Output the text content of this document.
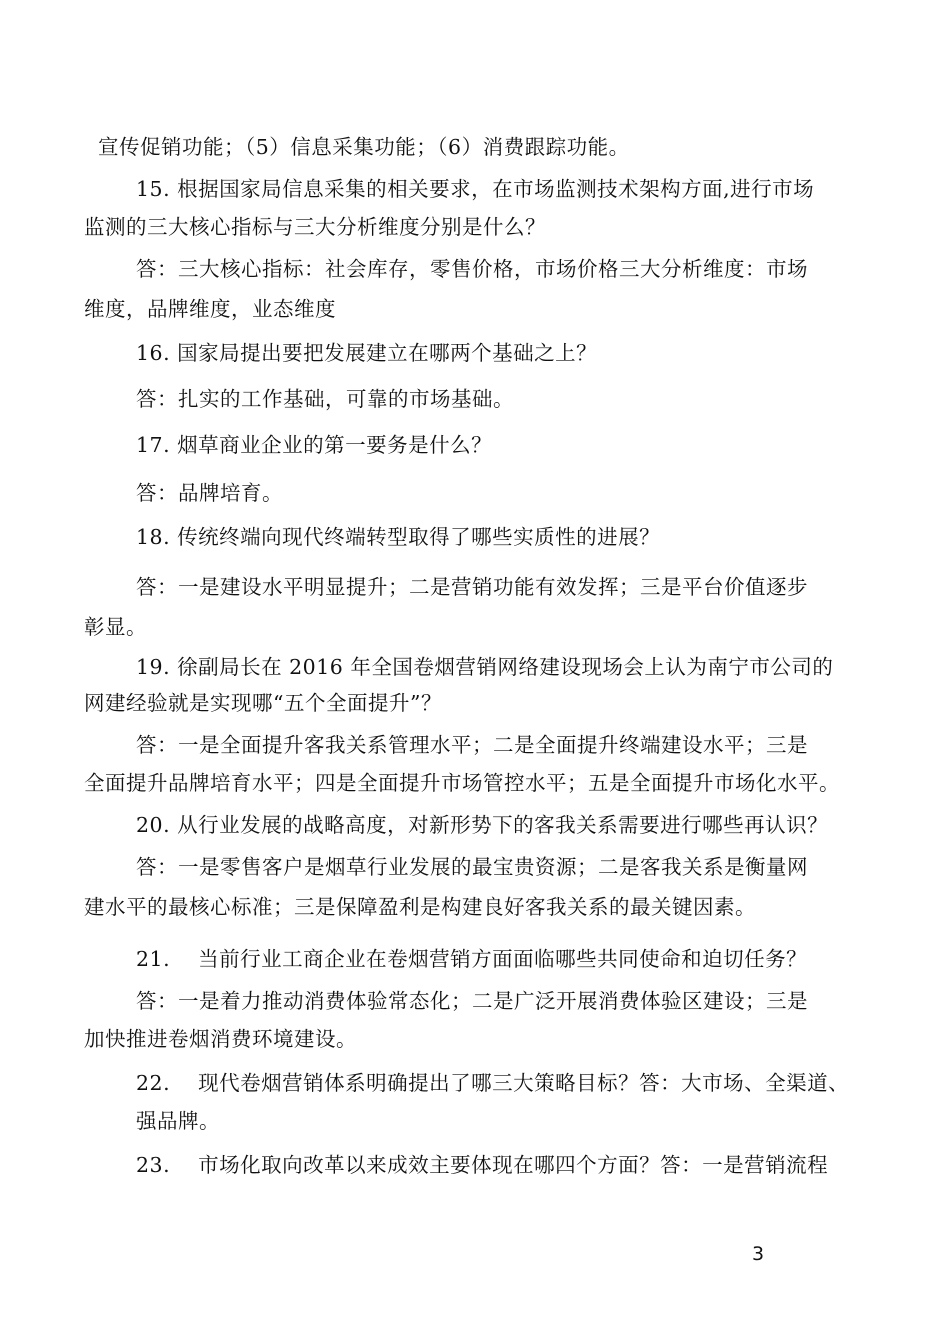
宣传促销功能；（5）信息采集功能；（6）消费跟踪功能。
15. 根据国家局信息采集的相关要求，在市场监测技术架构方面,进行市场
监测的三大核心指标与三大分析维度分别是什么？
答：三大核心指标：社会库存，零售价格，市场价格三大分析维度：市场
维度，品牌维度，业态维度
16. 国家局提出要把发展建立在哪两个基础之上？
答：扎实的工作基础，可靠的市场基础。
17. 烟草商业企业的第一要务是什么？
答：品牌培育。
18. 传统终端向现代终端转型取得了哪些实质性的进展？
答：一是建设水平明显提升；二是营销功能有效发挥；三是平台价值逐步
彰显。
19. 徐副局长在 2016 年全国卷烟营销网络建设现场会上认为南宁市公司的
网建经验就是实现哪“五个全面提升”？
答：一是全面提升客我关系管理水平；二是全面提升终端建设水平；三是
全面提升品牌培育水平；四是全面提升市场管控水平；五是全面提升市场化水平。
20. 从行业发展的战略高度，对新形势下的客我关系需要进行哪些再认识？
答：一是零售客户是烟草行业发展的最宝贵资源；二是客我关系是衡量网
建水平的最核心标准；三是保障盈利是构建良好客我关系的最关键因素。
21.　 当前行业工商企业在卷烟营销方面面临哪些共同使命和迫切任务？
答：一是着力推动消费体验常态化；二是广泛开展消费体验区建设；三是
加快推进卷烟消费环境建设。
22.　 现代卷烟营销体系明确提出了哪三大策略目标？答：大市场、全渠道、
强品牌。
23.　 市场化取向改革以来成效主要体现在哪四个方面？答：一是营销流程
3
